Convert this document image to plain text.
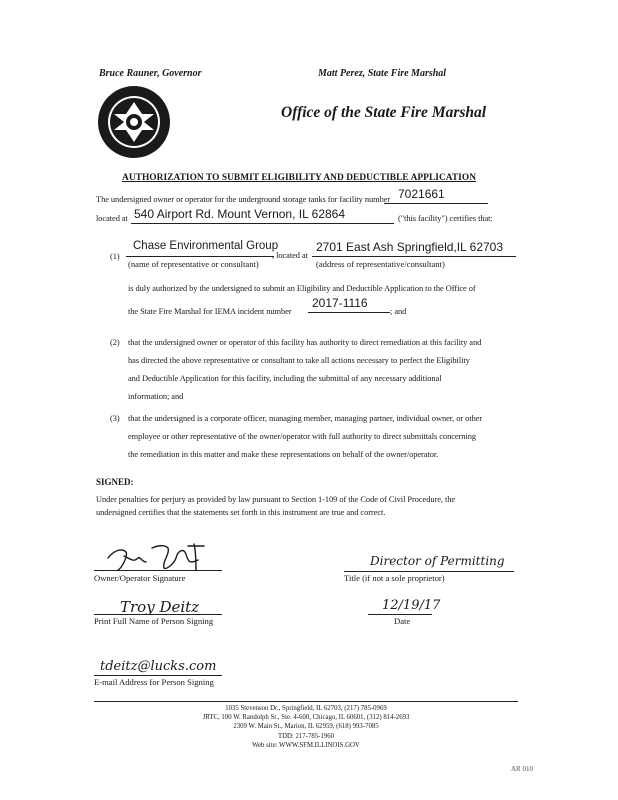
Bruce Rauner, Governor	Matt Perez, State Fire Marshal
Office of the State Fire Marshal
AUTHORIZATION TO SUBMIT ELIGIBILITY AND DEDUCTIBLE APPLICATION
The undersigned owner or operator for the underground storage tanks for facility number 7021661
located at 540 Airport Rd. Mount Vernon, IL 62864	("this facility") certifies that:
(1)
Chase Environmental Group
, located at
2701 East Ash Springfield,IL 62703
(name of representative or consultant)	(address of representative/consultant)
is duly authorized by the undersigned to submit an Eligibility and Deductible Application to the Office of
the State Fire Marshal for IEMA incident number
2017-1116
; and
(2) that the undersigned owner or operator of this facility has authority to direct remediation at this facility and
has directed the above representative or consultant to take all actions necessary to perfect the Eligibility
and Deductible Application for this facility, including the submittal of any necessary additional
information; and
(3) that the undersigned is a corporate officer, managing member, managing partner, individual owner, or other
employee or other representative of the owner/operator with full authority to direct submittals concerning
the remediation in this matter and make these representations on behalf of the owner/operator.
SIGNED:
Under penalties for perjury as provided by law pursuant to Section 1-109 of the Code of Civil Procedure, the
undersigned certifies that the statements set forth in this instrument are true and correct.
Owner/Operator Signature
Director of Permitting
Title (if not a sole proprietor)
Troy Deitz
Print Full Name of Person Signing
12/19/17
Date
tdeitz@lucks.com
E-mail Address for Person Signing
1035 Stevenson Dr., Springfield, IL 62703, (217) 785-0969
JRTC, 100 W. Randolph St., Ste. 4-600, Chicago, IL 60601, (312) 814-2693
2309 W. Main St., Marion, IL 62959, (618) 993-7085
TDD: 217-785-1960
Web site: WWW.SFM.ILLINOIS.GOV
AR 010
